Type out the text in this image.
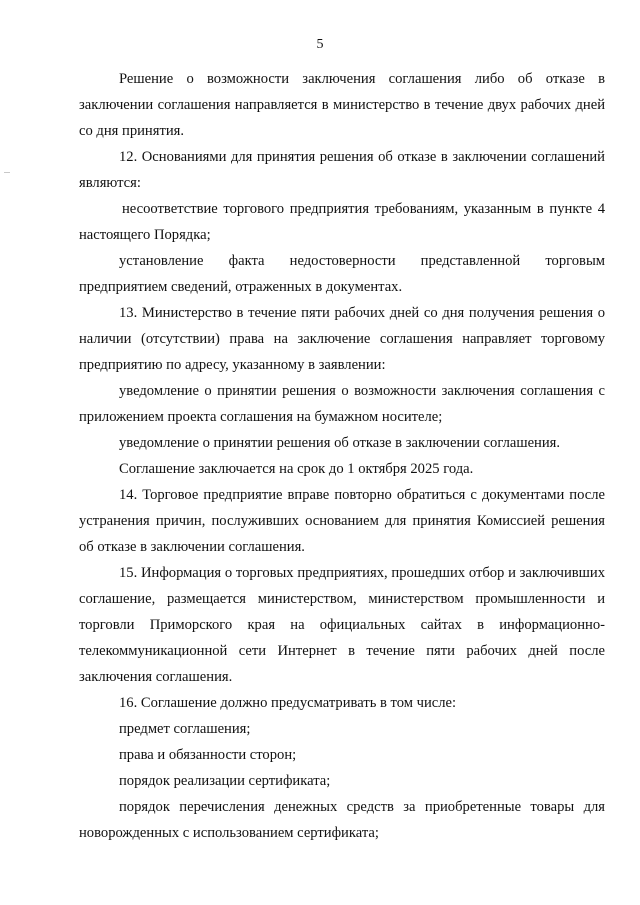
5

Решение о возможности заключения соглашения либо об отказе в заключении соглашения направляется в министерство в течение двух рабочих дней со дня принятия.

12. Основаниями для принятия решения об отказе в заключении соглашений являются:

несоответствие торгового предприятия требованиям, указанным в пункте 4 настоящего Порядка;

установление факта недостоверности представленной торговым предприятием сведений, отраженных в документах.

13. Министерство в течение пяти рабочих дней со дня получения решения о наличии (отсутствии) права на заключение соглашения направляет торговому предприятию по адресу, указанному в заявлении:

уведомление о принятии решения о возможности заключения соглашения с приложением проекта соглашения на бумажном носителе;

уведомление о принятии решения об отказе в заключении соглашения.

Соглашение заключается на срок до 1 октября 2025 года.

14. Торговое предприятие вправе повторно обратиться с документами после устранения причин, послуживших основанием для принятия Комиссией решения об отказе в заключении соглашения.

15. Информация о торговых предприятиях, прошедших отбор и заключивших соглашение, размещается министерством, министерством промышленности и торговли Приморского края на официальных сайтах в информационно-телекоммуникационной сети Интернет в течение пяти рабочих дней после заключения соглашения.

16. Соглашение должно предусматривать в том числе:

предмет соглашения;

права и обязанности сторон;

порядок реализации сертификата;

порядок перечисления денежных средств за приобретенные товары для новорожденных с использованием сертификата;
